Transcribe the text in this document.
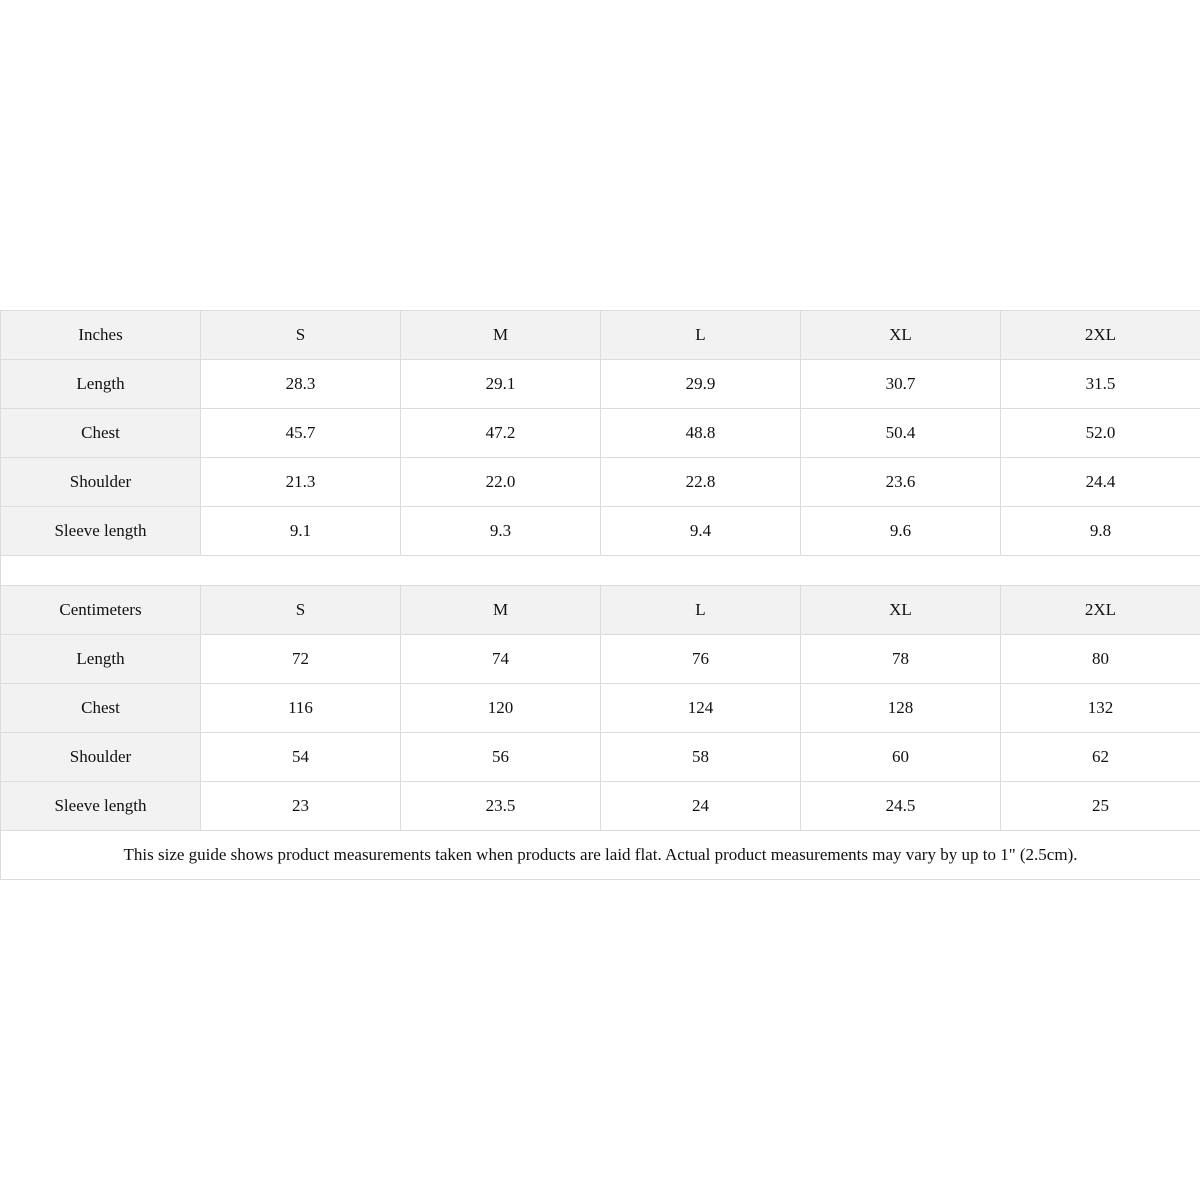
Inches	S	M	L	XL	2XL
Length	28.3	29.1	29.9	30.7	31.5
Chest	45.7	47.2	48.8	50.4	52.0
Shoulder	21.3	22.0	22.8	23.6	24.4
Sleeve length	9.1	9.3	9.4	9.6	9.8

Centimeters	S	M	L	XL	2XL
Length	72	74	76	78	80
Chest	116	120	124	128	132
Shoulder	54	56	58	60	62
Sleeve length	23	23.5	24	24.5	25
This size guide shows product measurements taken when products are laid flat. Actual product measurements may vary by up to 1" (2.5cm).					
